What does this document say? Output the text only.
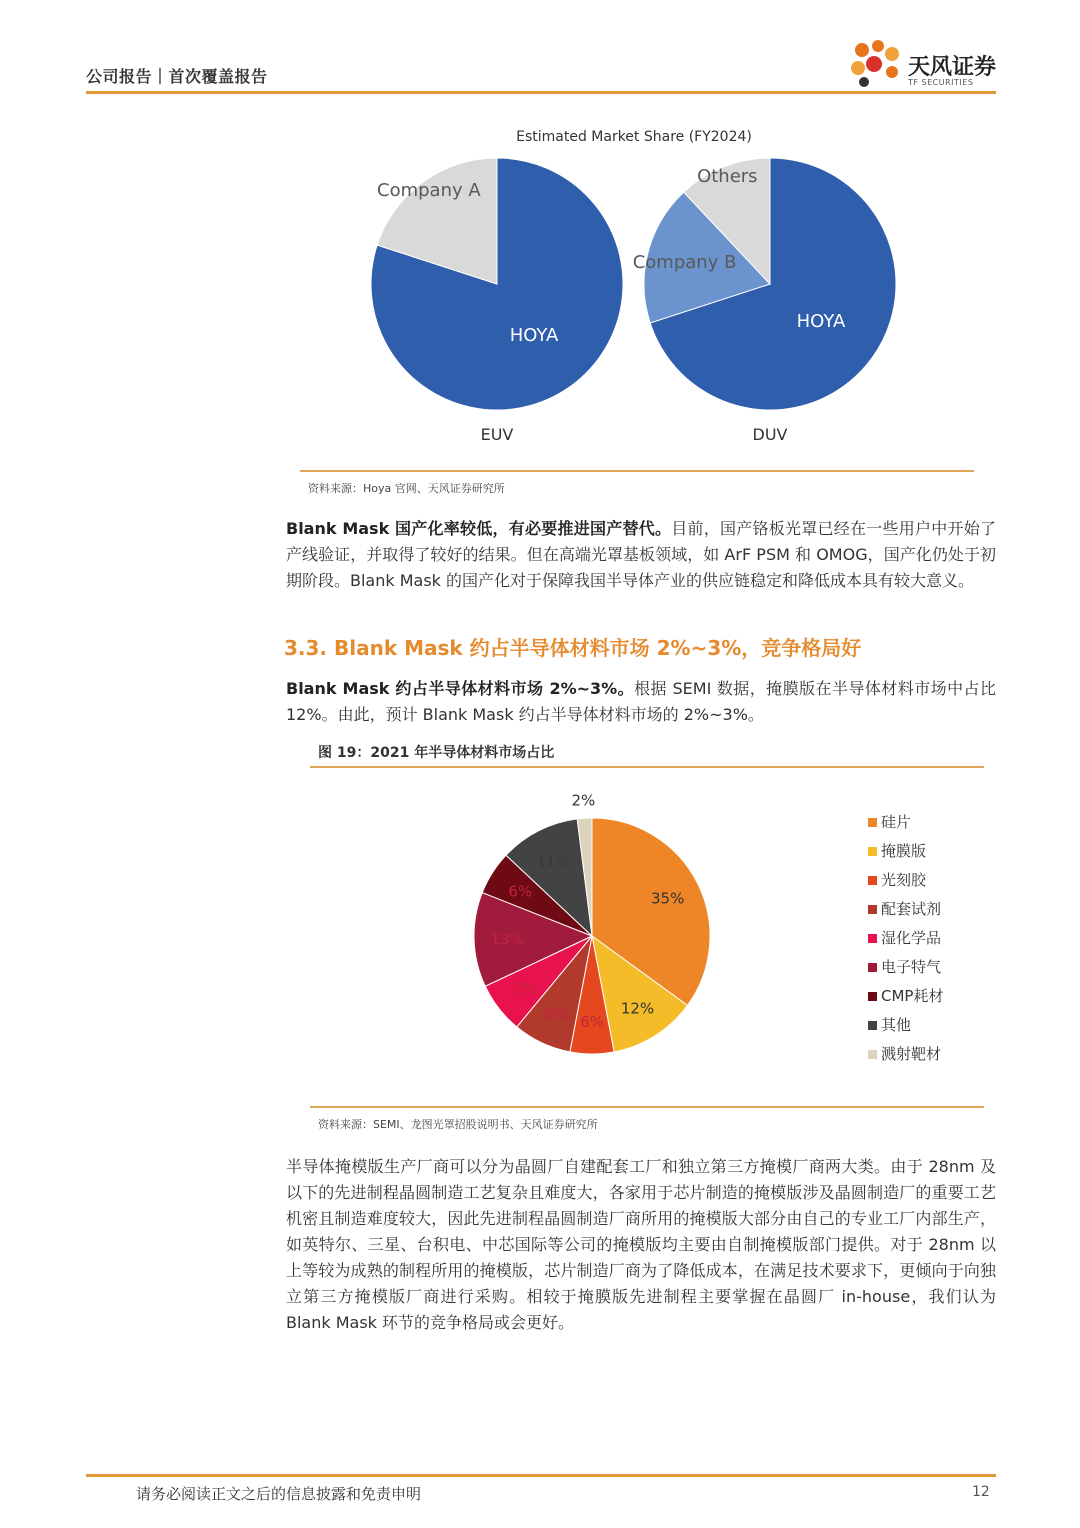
公司报告｜首次覆盖报告	天风证券
TF SECURITIES
Estimated Market Share (FY2024)
HOYA
Company A
HOYA
Company B
Others
EUV	DUV
资料来源：Hoya 官网、天风证券研究所
Blank Mask 国产化率较低，有必要推进国产替代。目前，国产铬板光罩已经在一些用户中开始了产线验证，并取得了较好的结果。但在高端光罩基板领域，如 ArF PSM 和 OMOG，国产化仍处于初期阶段。Blank Mask 的国产化对于保障我国半导体产业的供应链稳定和降低成本具有较大意义。
3.3. Blank Mask 约占半导体材料市场 2%~3%，竞争格局好
Blank Mask 约占半导体材料市场 2%~3%。根据 SEMI 数据，掩膜版在半导体材料市场中占比 12%。由此，预计 Blank Mask 约占半导体材料市场的 2%~3%。
图 19：2021 年半导体材料市场占比
35%
12%
6%
8%
7%
13%
6%
11%
2%
硅片
掩膜版
光刻胶
配套试剂
湿化学品
电子特气
CMP耗材
其他
溅射靶材
资料来源：SEMI、龙图光罩招股说明书、天风证券研究所
半导体掩模版生产厂商可以分为晶圆厂自建配套工厂和独立第三方掩模厂商两大类。由于 28nm 及以下的先进制程晶圆制造工艺复杂且难度大，各家用于芯片制造的掩模版涉及晶圆制造厂的重要工艺机密且制造难度较大，因此先进制程晶圆制造厂商所用的掩模版大部分由自己的专业工厂内部生产，如英特尔、三星、台积电、中芯国际等公司的掩模版均主要由自制掩模版部门提供。对于 28nm 以上等较为成熟的制程所用的掩模版，芯片制造厂商为了降低成本，在满足技术要求下，更倾向于向独立第三方掩模版厂商进行采购。相较于掩膜版先进制程主要掌握在晶圆厂 in-house，我们认为 Blank Mask 环节的竞争格局或会更好。
请务必阅读正文之后的信息披露和免责申明	12
